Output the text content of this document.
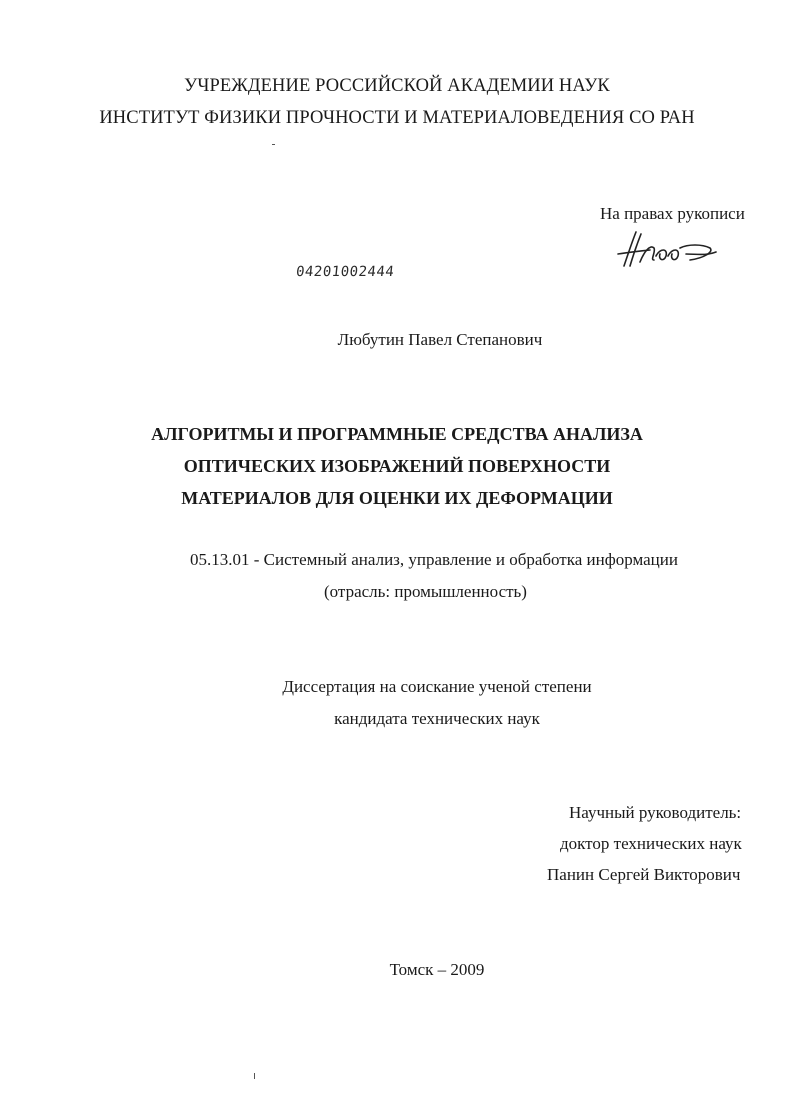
УЧРЕЖДЕНИЕ РОССИЙСКОЙ АКАДЕМИИ НАУК
ИНСТИТУТ ФИЗИКИ ПРОЧНОСТИ И МАТЕРИАЛОВЕДЕНИЯ СО РАН
На правах рукописи
04201002444
Любутин Павел Степанович
АЛГОРИТМЫ И ПРОГРАММНЫЕ СРЕДСТВА АНАЛИЗА
ОПТИЧЕСКИХ ИЗОБРАЖЕНИЙ ПОВЕРХНОСТИ
МАТЕРИАЛОВ ДЛЯ ОЦЕНКИ ИХ ДЕФОРМАЦИИ
05.13.01 - Системный анализ, управление и обработка информации
(отрасль: промышленность)
Диссертация на соискание ученой степени
кандидата технических наук
Научный руководитель:
доктор технических наук
Панин Сергей Викторович
Томск – 2009
